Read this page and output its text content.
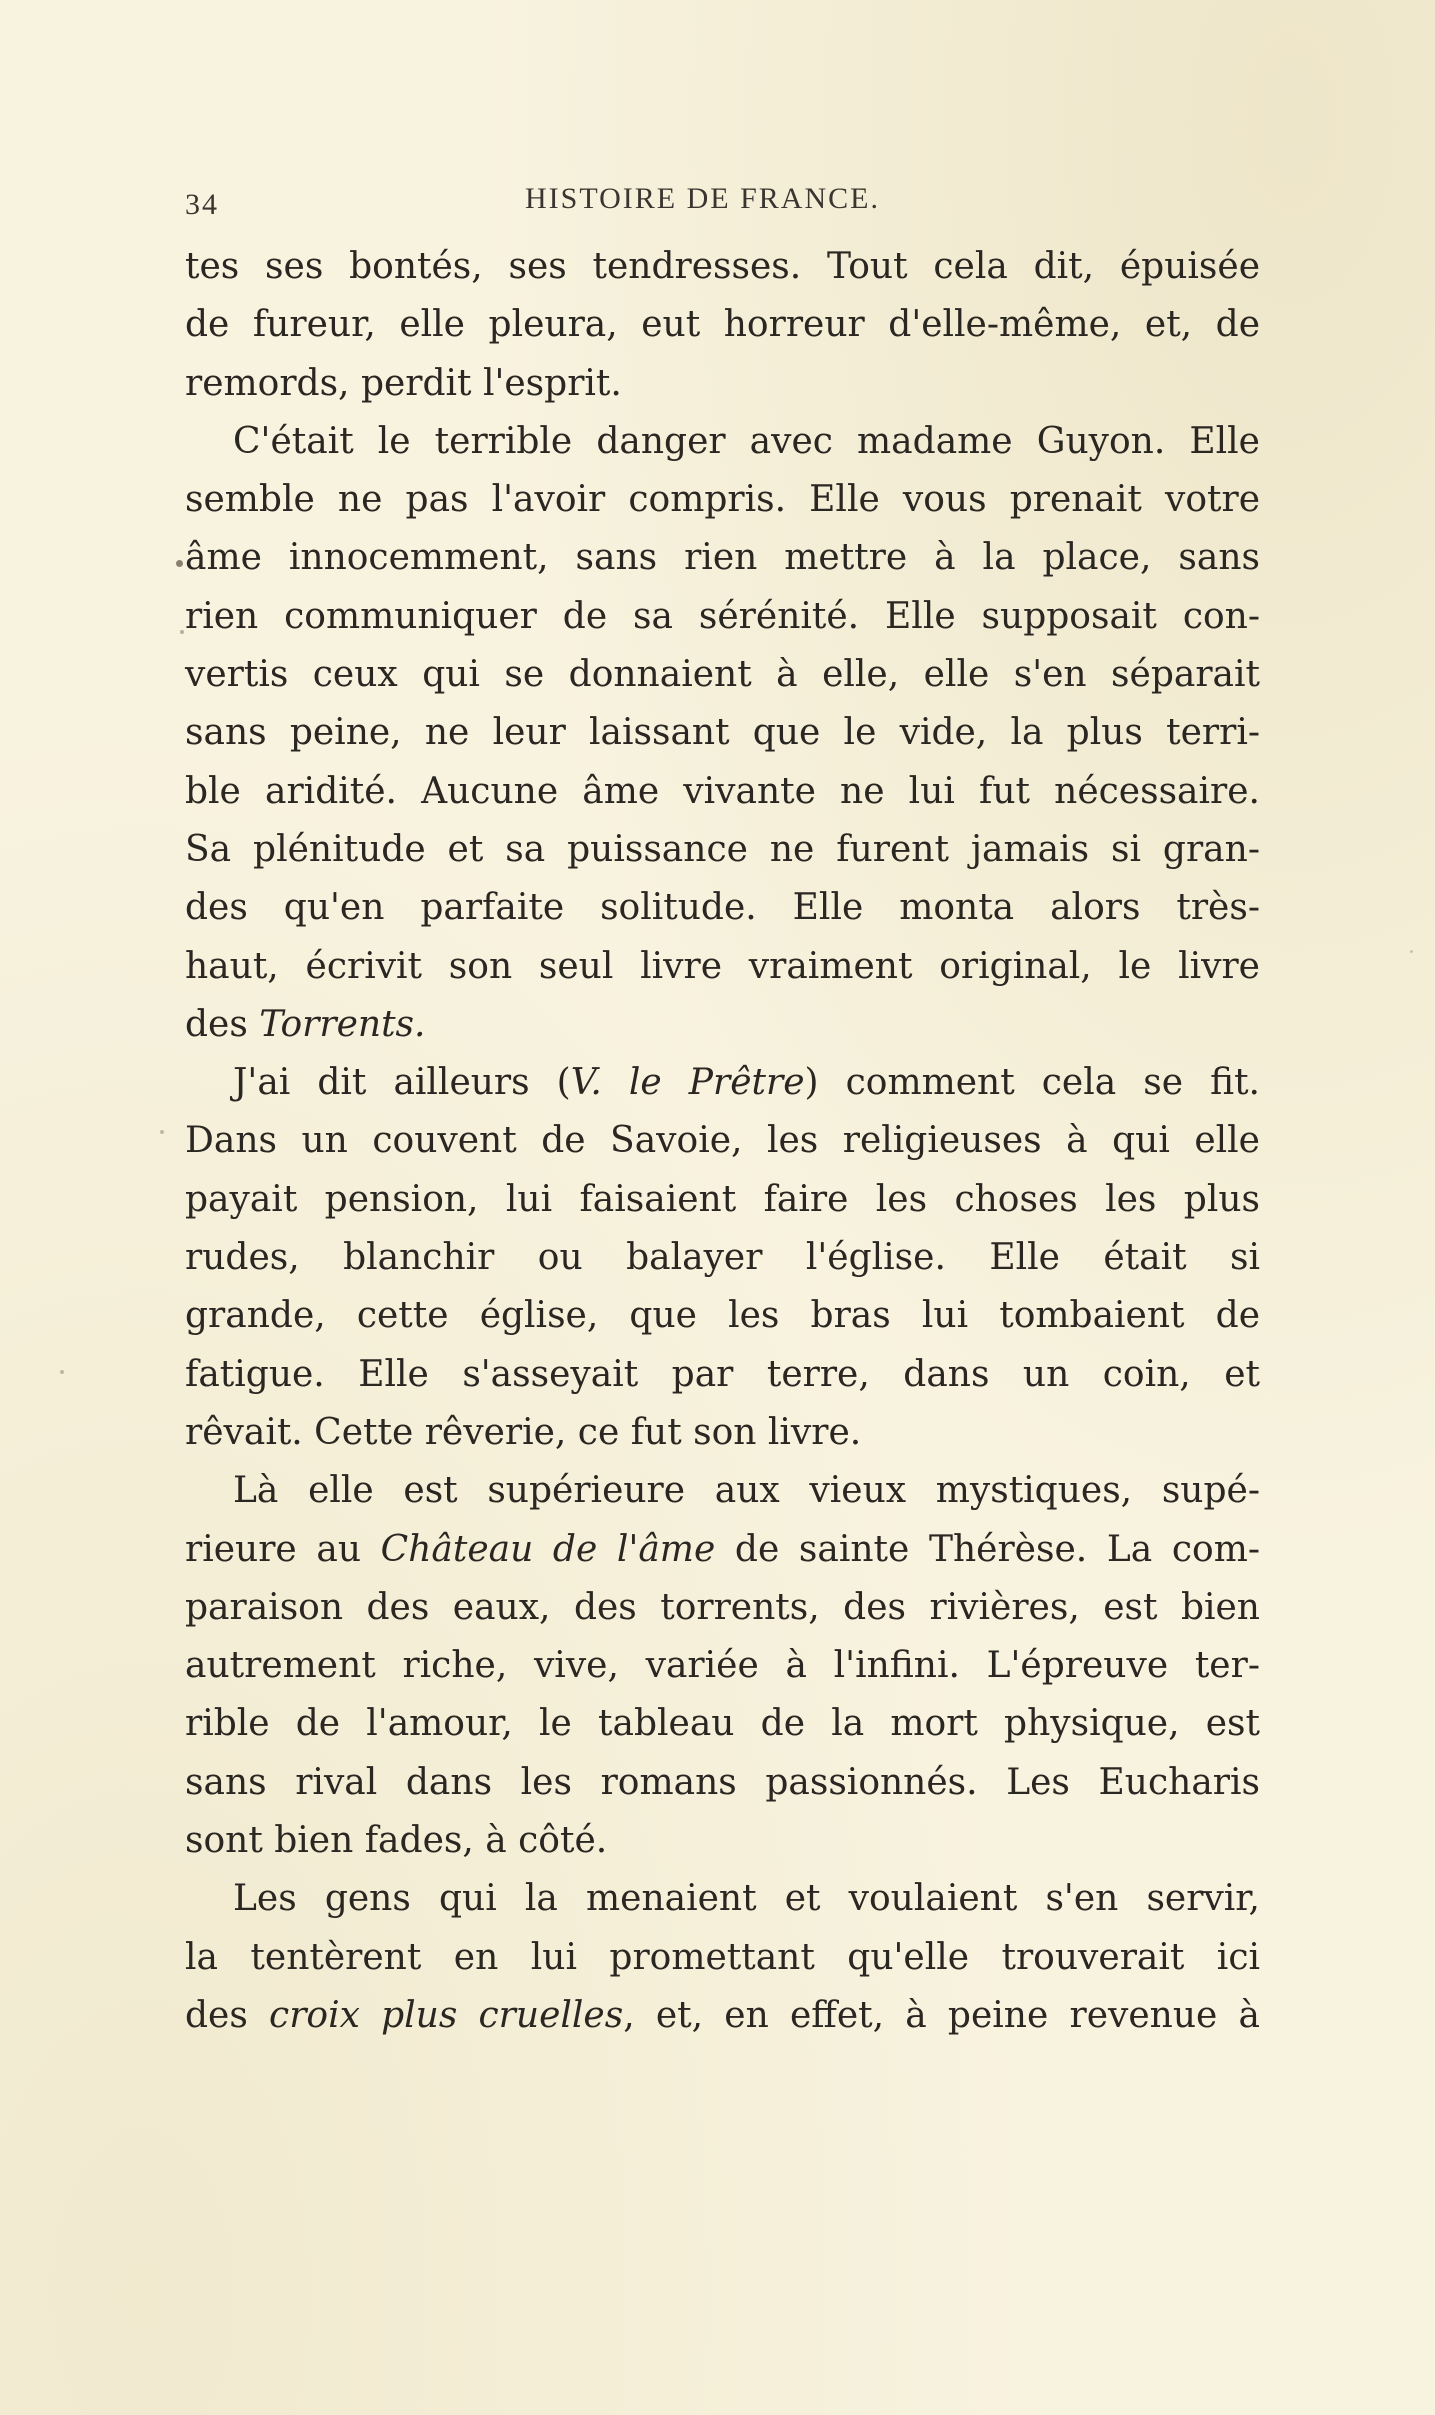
34	HISTOIRE DE FRANCE.

tes ses bontés, ses tendresses. Tout cela dit, épuisée
de fureur, elle pleura, eut horreur d'elle-même, et, de
remords, perdit l'esprit.

C'était le terrible danger avec madame Guyon. Elle
semble ne pas l'avoir compris. Elle vous prenait votre
âme innocemment, sans rien mettre à la place, sans
rien communiquer de sa sérénité. Elle supposait con-
vertis ceux qui se donnaient à elle, elle s'en séparait
sans peine, ne leur laissant que le vide, la plus terri-
ble aridité. Aucune âme vivante ne lui fut nécessaire.
Sa plénitude et sa puissance ne furent jamais si gran-
des qu'en parfaite solitude. Elle monta alors très-
haut, écrivit son seul livre vraiment original, le livre
des Torrents.

J'ai dit ailleurs (V. le Prêtre) comment cela se fit.
Dans un couvent de Savoie, les religieuses à qui elle
payait pension, lui faisaient faire les choses les plus
rudes, blanchir ou balayer l'église. Elle était si
grande, cette église, que les bras lui tombaient de
fatigue. Elle s'asseyait par terre, dans un coin, et
rêvait. Cette rêverie, ce fut son livre.

Là elle est supérieure aux vieux mystiques, supé-
rieure au Château de l'âme de sainte Thérèse. La com-
paraison des eaux, des torrents, des rivières, est bien
autrement riche, vive, variée à l'infini. L'épreuve ter-
rible de l'amour, le tableau de la mort physique, est
sans rival dans les romans passionnés. Les Eucharis
sont bien fades, à côté.

Les gens qui la menaient et voulaient s'en servir,
la tentèrent en lui promettant qu'elle trouverait ici
des croix plus cruelles, et, en effet, à peine revenue à
